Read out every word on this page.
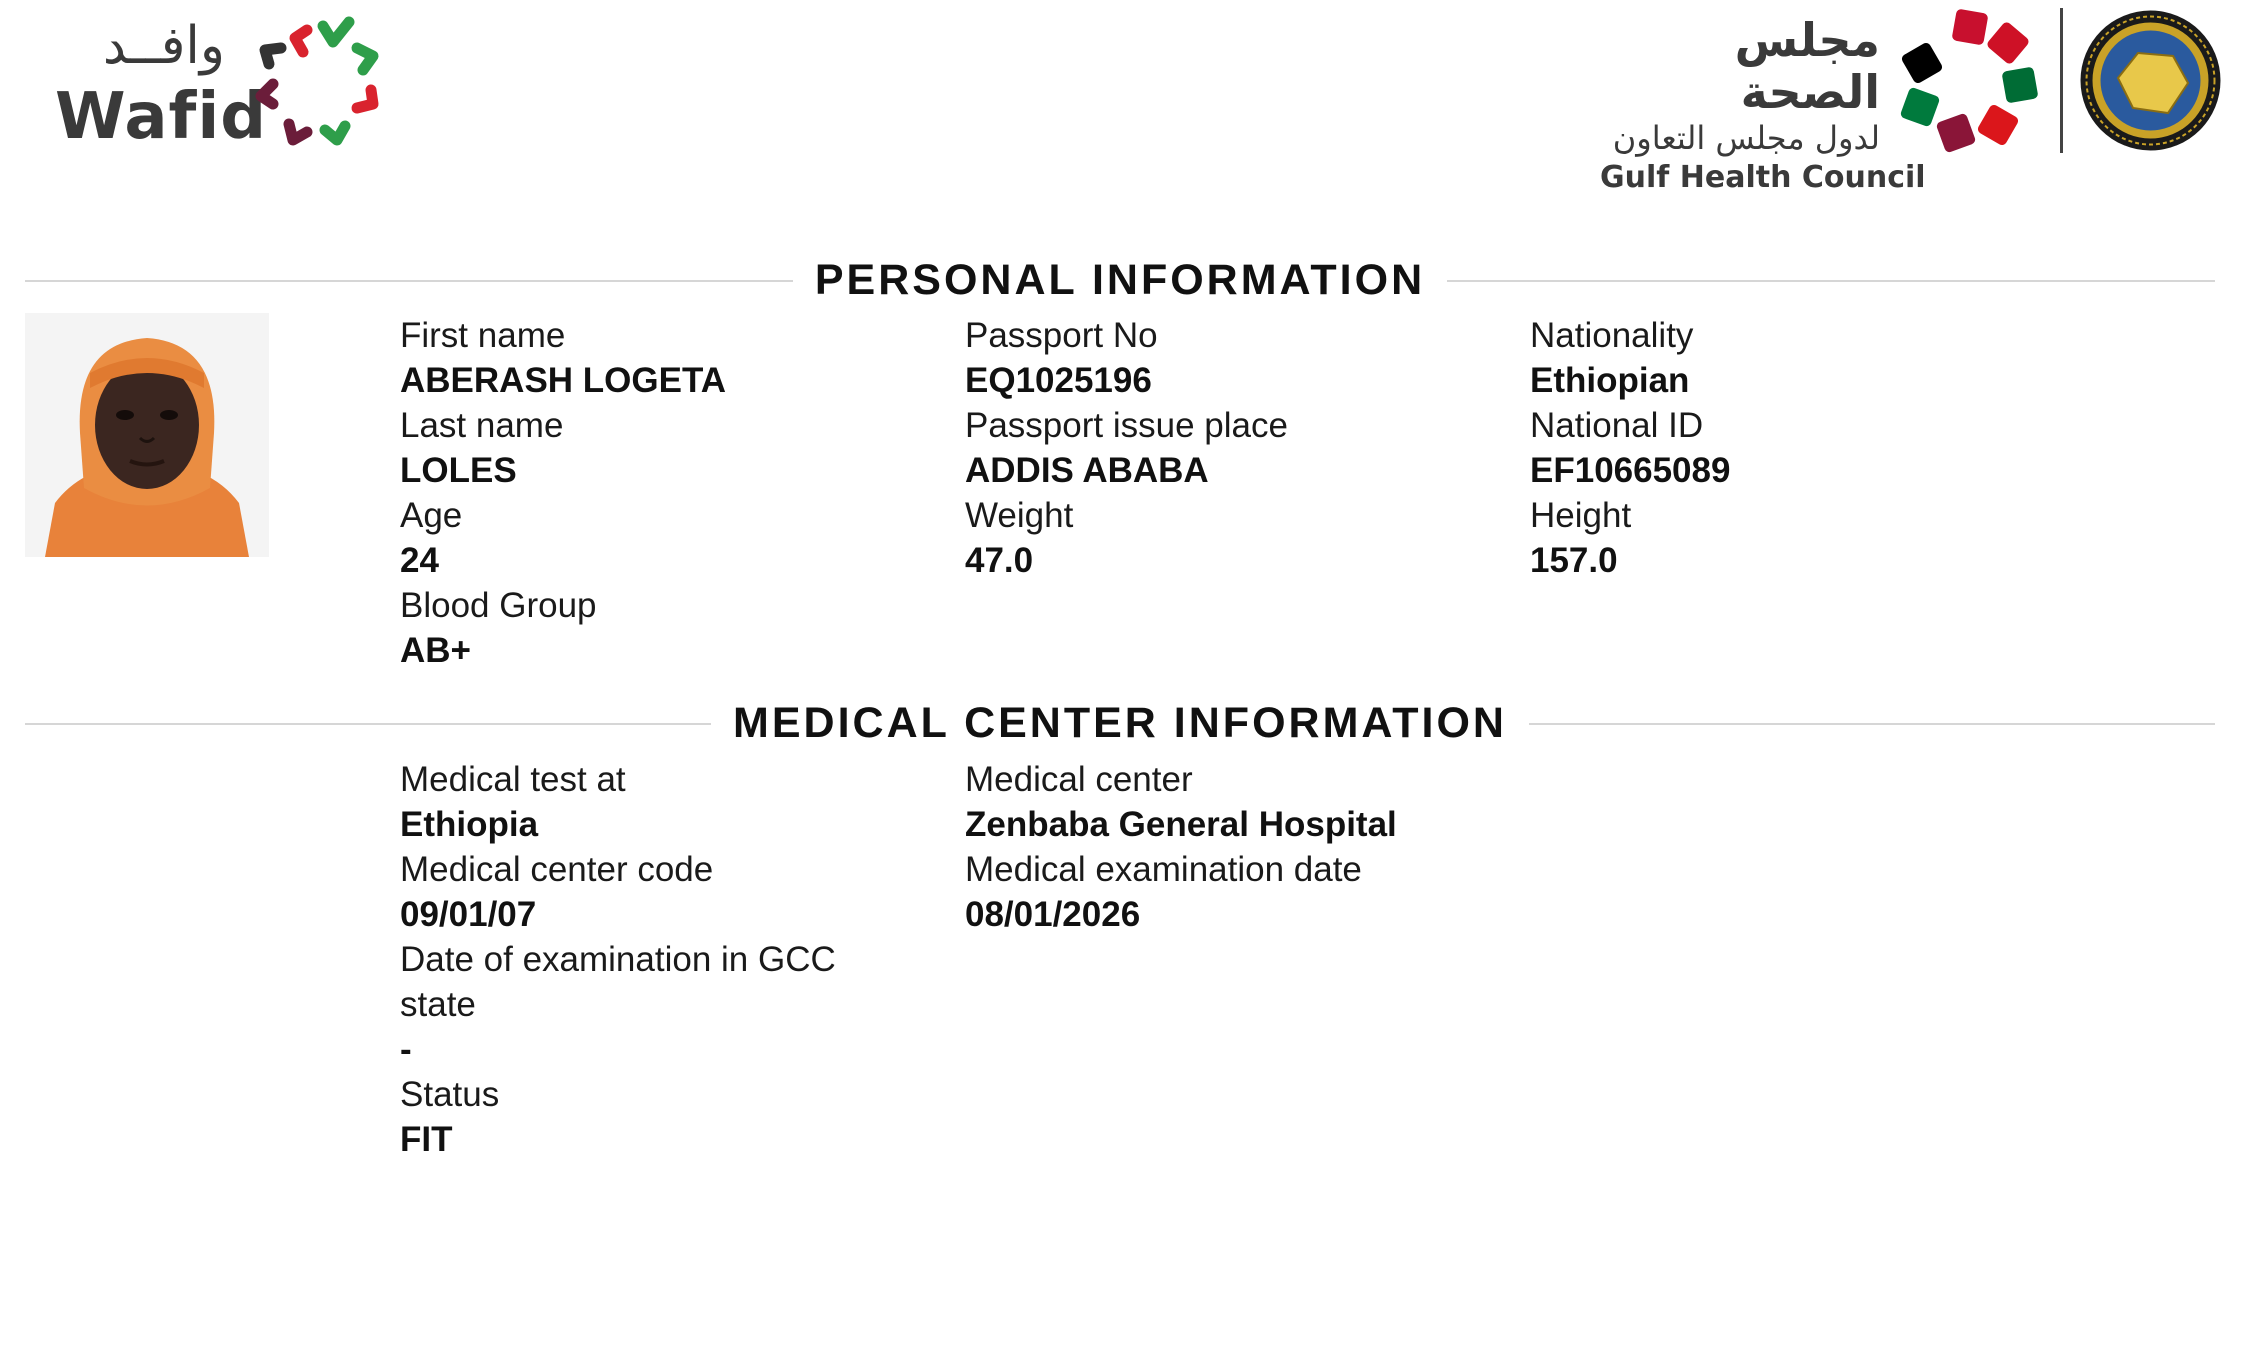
وافــد
Wafid
مجلس الصحة
لدول مجلس التعاون
Gulf Health Council
PERSONAL INFORMATION
First name
ABERASH LOGETA
Last name
LOLES
Age
24
Blood Group
AB+
Passport No
EQ1025196
Passport issue place
ADDIS ABABA
Weight
47.0
Nationality
Ethiopian
National ID
EF10665089
Height
157.0
MEDICAL CENTER INFORMATION
Medical test at
Ethiopia
Medical center code
09/01/07
Date of examination in GCC state
-
Status
FIT
Medical center
Zenbaba General Hospital
Medical examination date
08/01/2026
